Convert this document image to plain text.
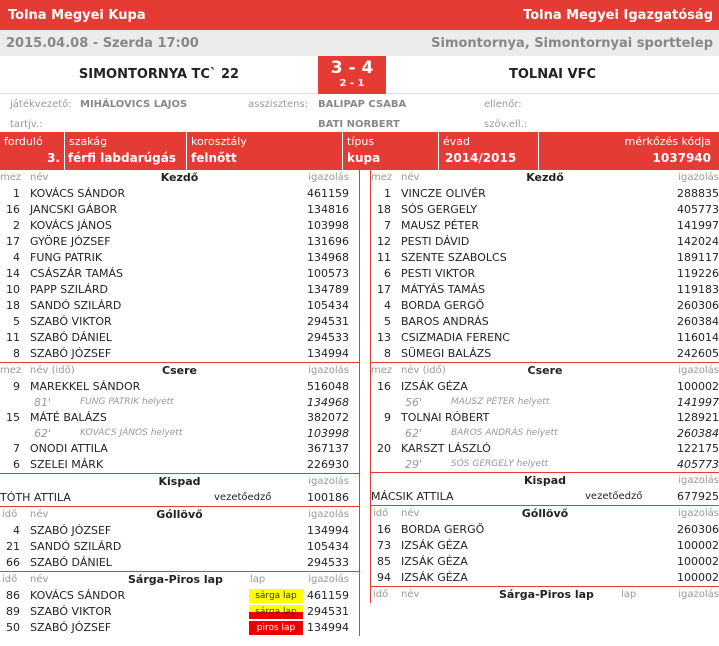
Tolna Megyei Kupa	Tolna Megyei Igazgatóság
2015.04.08 - Szerda 17:00	Simontornya, Simontornyai sporttelep
SIMONTORNYA TC` 22	3 - 4
2 - 1
TOLNAI VFC
játékvezető: MIHÁLOVICS LAJOS	asszisztens: BALIPAP CSABA	ellenőr:
tartjv.:	BATI NORBERT	szöv.ell.:
forduló
3.
szakág
férfi labdarúgás
korosztály
felnőtt
típus
kupa
évad
2014/2015
mérkőzés kódja
1037940
mez név	Kezdő	igazolás
1 KOVÁCS SÁNDOR	461159
16 JANCSKI GÁBOR	134816
2 KOVÁCS JÁNOS	103998
17 GYÖRE JÓZSEF	131696
4 FUNG PATRIK	134968
14 CSÁSZÁR TAMÁS	100573
10 PAPP SZILÁRD	134789
18 SANDÓ SZILÁRD	105434
5 SZABÓ VIKTOR	294531
11 SZABÓ DÁNIEL	294533
8 SZABÓ JÓZSEF	134994
mez név (idő)	Csere	igazolás
9 MAREKKEL SÁNDOR	516048
81'	FUNG PATRIK helyett	134968
15 MÁTÉ BALÁZS	382072
62'	KOVÁCS JÁNOS helyett	103998
7 ONODI ATTILA	367137
6 SZELEI MÁRK	226930
Kispad	igazolás
TÓTH ATTILA	vezetőedző	100186
idő név	Góllövő	igazolás
4 SZABÓ JÓZSEF	134994
21 SANDÓ SZILÁRD	105434
66 SZABÓ DÁNIEL	294533
idő név	Sárga-Piros lap	lap	igazolás
86 KOVÁCS SÁNDOR	sárga lap 461159
89 SZABÓ VIKTOR	sárga lap 294531
50 SZABÓ JÓZSEF	piros lap	134994
mez név	Kezdő	igazolás
1 VINCZE OLIVÉR	288835
18 SÓS GERGELY	405773
7 MAUSZ PÉTER	141997
12 PESTI DÁVID	142024
11 SZENTE SZABOLCS	189117
6 PESTI VIKTOR	119226
17 MÁTYÁS TAMÁS	119183
4 BORDA GERGŐ	260306
5 BAROS ANDRÁS	260384
13 CSIZMADIA FERENC	116014
8 SÜMEGI BALÁZS	242605
mez név (idő)	Csere	igazolás
16 IZSÁK GÉZA	100002
56'	MAUSZ PÉTER helyett	141997
9 TOLNAI RÓBERT	128921
62'	BAROS ANDRÁS helyett	260384
20 KARSZT LÁSZLÓ	122175
29'	SÓS GERGELY helyett	405773
Kispad	igazolás
MÁCSIK ATTILA	vezetőedző	677925
idő név	Góllövő	igazolás
16 BORDA GERGŐ	260306
73 IZSÁK GÉZA	100002
85 IZSÁK GÉZA	100002
94 IZSÁK GÉZA	100002
idő név	Sárga-Piros lap	lap	igazolás
